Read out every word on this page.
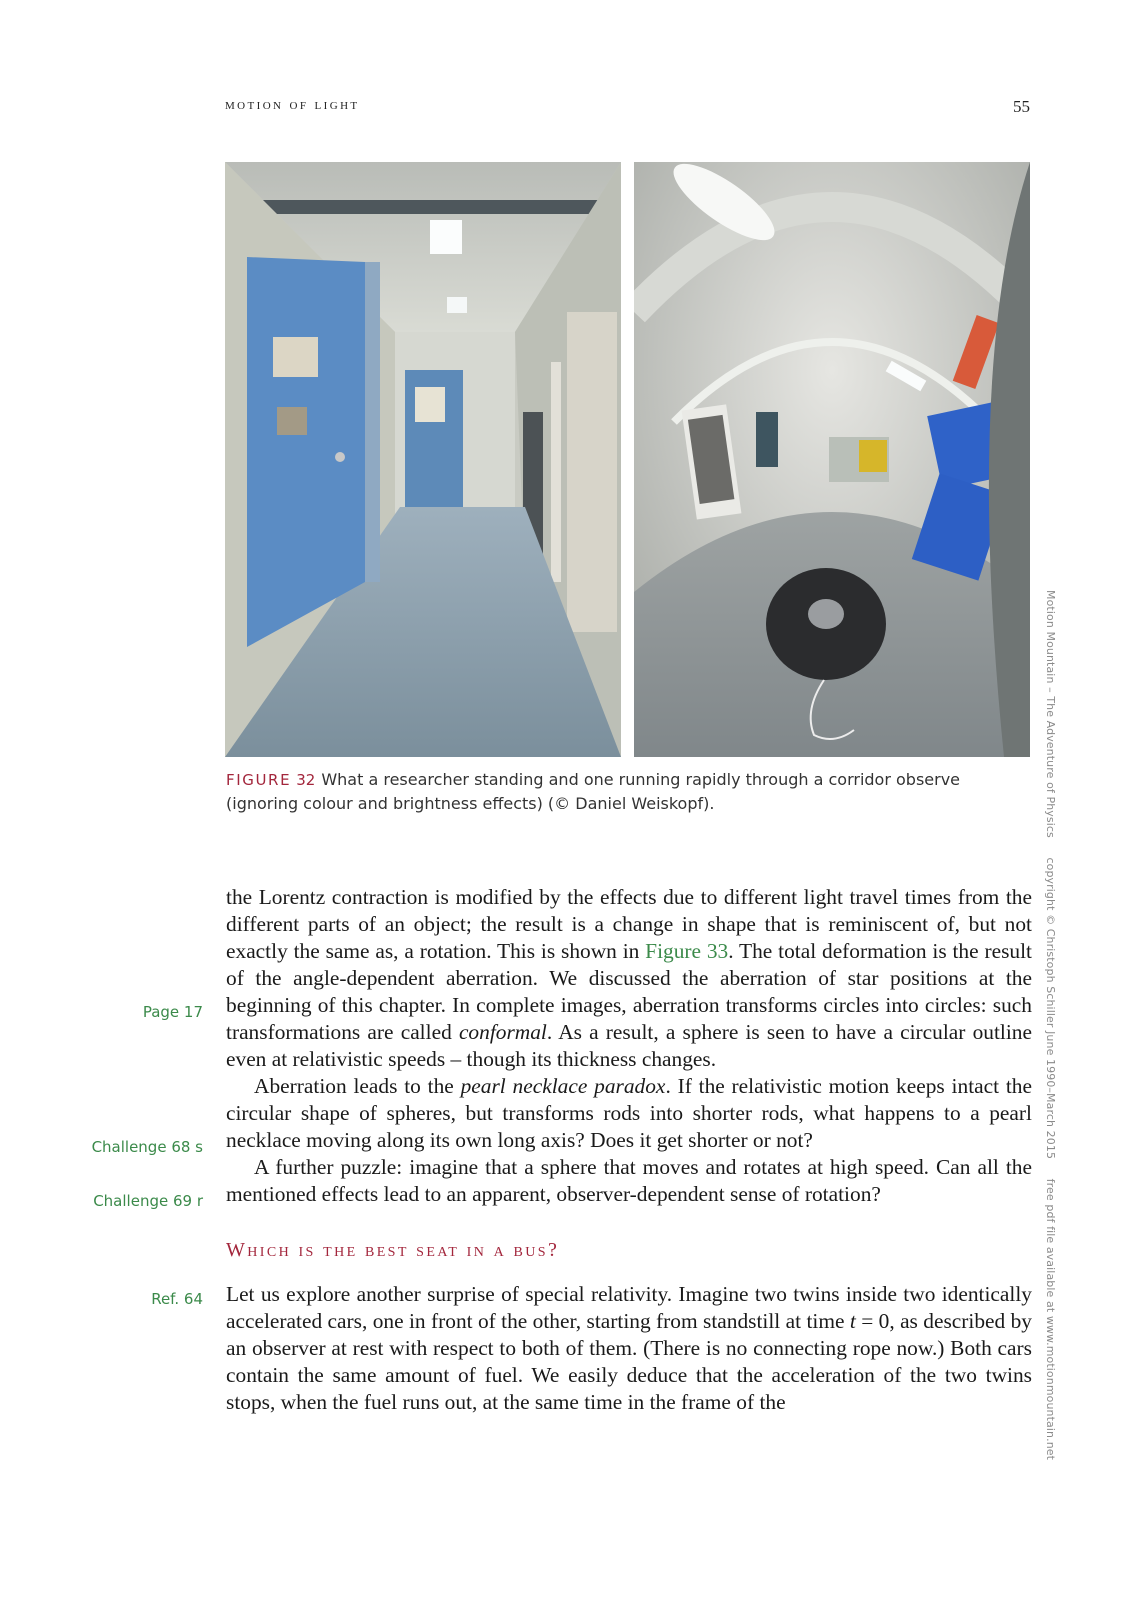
motion of light	55
FIGURE 32 What a researcher standing and one running rapidly through a corridor observe (ignoring colour and brightness effects) (© Daniel Weiskopf).
Page 17
Challenge 68 s
Challenge 69 r
Ref. 64

the Lorentz contraction is modified by the effects due to different light travel times from the different parts of an object; the result is a change in shape that is reminiscent of, but not exactly the same as, a rotation. This is shown in Figure 33. The total deformation is the result of the angle-dependent aberration. We discussed the aberration of star positions at the beginning of this chapter. In complete images, aberration transforms circles into circles: such transformations are called conformal. As a result, a sphere is seen to have a circular outline even at relativistic speeds – though its thickness changes.

Aberration leads to the pearl necklace paradox. If the relativistic motion keeps intact the circular shape of spheres, but transforms rods into shorter rods, what happens to a pearl necklace moving along its own long axis? Does it get shorter or not?

A further puzzle: imagine that a sphere that moves and rotates at high speed. Can all the mentioned effects lead to an apparent, observer-dependent sense of rotation?

Which is the best seat in a bus?

Let us explore another surprise of special relativity. Imagine two twins inside two identically accelerated cars, one in front of the other, starting from standstill at time t = 0, as described by an observer at rest with respect to both of them. (There is no connecting rope now.) Both cars contain the same amount of fuel. We easily deduce that the acceleration of the two twins stops, when the fuel runs out, at the same time in the frame of the

Motion Mountain – The Adventure of Physics copyright © Christoph Schiller June 1990–March 2015 free pdf file available at www.motionmountain.net
